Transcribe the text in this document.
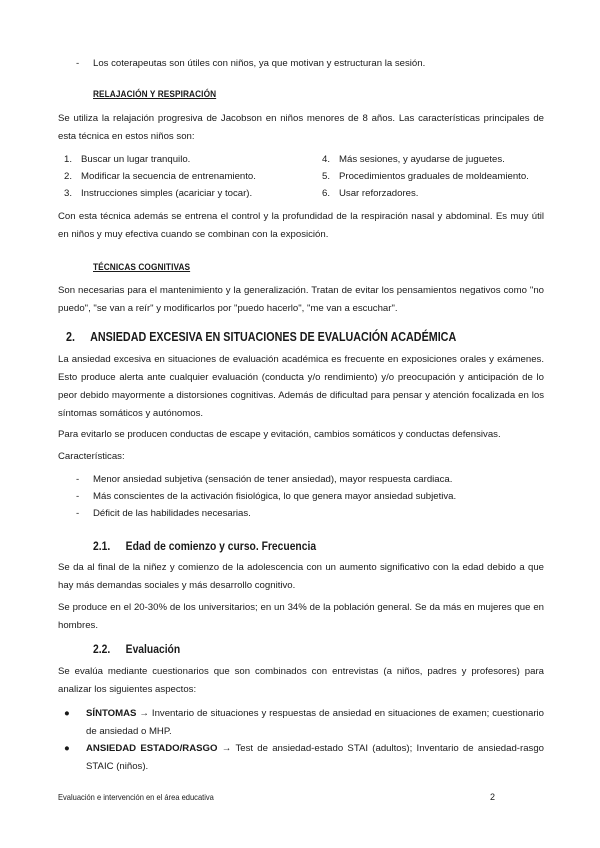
- Los coterapeutas son útiles con niños, ya que motivan y estructuran la sesión.
RELAJACIÓN Y RESPIRACIÓN

Se utiliza la relajación progresiva de Jacobson en niños menores de 8 años. Las características principales de esta técnica en estos niños son:

1. Buscar un lugar tranquilo.
2. Modificar la secuencia de entrenamiento.
3. Instrucciones simples (acariciar y tocar).
4. Más sesiones, y ayudarse de juguetes.
5. Procedimientos graduales de moldeamiento.
6. Usar reforzadores.

Con esta técnica además se entrena el control y la profundidad de la respiración nasal y abdominal. Es muy útil en niños y muy efectiva cuando se combinan con la exposición.

TÉCNICAS COGNITIVAS

Son necesarias para el mantenimiento y la generalización. Tratan de evitar los pensamientos negativos como "no puedo", "se van a reír" y modificarlos por "puedo hacerlo", "me van a escuchar".

2. ANSIEDAD EXCESIVA EN SITUACIONES DE EVALUACIÓN ACADÉMICA

La ansiedad excesiva en situaciones de evaluación académica es frecuente en exposiciones orales y exámenes. Esto produce alerta ante cualquier evaluación (conducta y/o rendimiento) y/o preocupación y anticipación de lo peor debido mayormente a distorsiones cognitivas. Además de dificultad para pensar y atención focalizada en los síntomas somáticos y autónomos.

Para evitarlo se producen conductas de escape y evitación, cambios somáticos y conductas defensivas.

Características:

- Menor ansiedad subjetiva (sensación de tener ansiedad), mayor respuesta cardiaca.
- Más conscientes de la activación fisiológica, lo que genera mayor ansiedad subjetiva.
- Déficit de las habilidades necesarias.
2.1. Edad de comienzo y curso. Frecuencia

Se da al final de la niñez y comienzo de la adolescencia con un aumento significativo con la edad debido a que hay más demandas sociales y más desarrollo cognitivo.

Se produce en el 20-30% de los universitarios; en un 34% de la población general. Se da más en mujeres que en hombres.

2.2. Evaluación

Se evalúa mediante cuestionarios que son combinados con entrevistas (a niños, padres y profesores) para analizar los siguientes aspectos:

● SÍNTOMAS → Inventario de situaciones y respuestas de ansiedad en situaciones de examen; cuestionario de ansiedad o MHP.

● ANSIEDAD ESTADO/RASGO → Test de ansiedad-estado STAI (adultos); Inventario de ansiedad-rasgo STAIC (niños).

Evaluación e intervención en el área educativa	2
